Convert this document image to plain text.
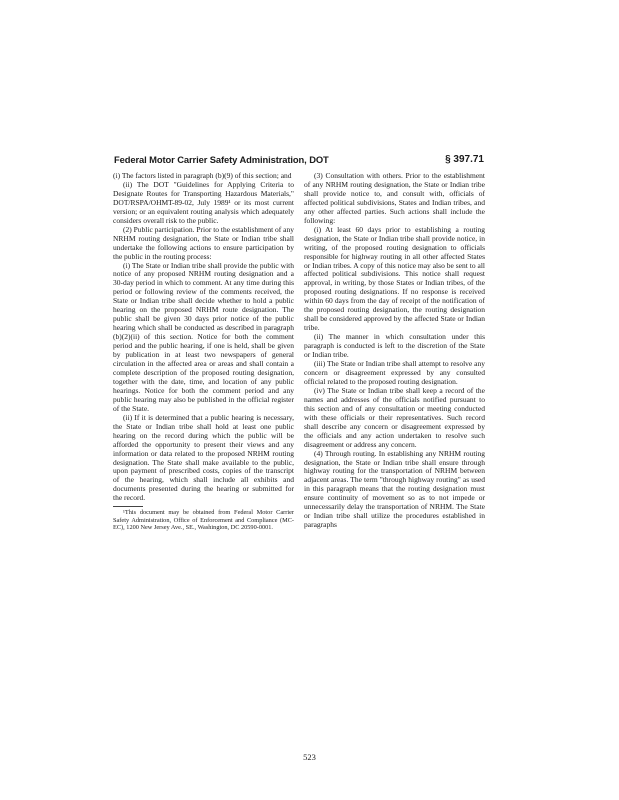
Federal Motor Carrier Safety Administration, DOT	§ 397.71

(i) The factors listed in paragraph (b)(9) of this section; and

(ii) The DOT "Guidelines for Applying Criteria to Designate Routes for Transporting Hazardous Materials," DOT/RSPA/OHMT-89-02, July 1989¹ or its most current version; or an equivalent routing analysis which adequately considers overall risk to the public.

(2) Public participation. Prior to the establishment of any NRHM routing designation, the State or Indian tribe shall undertake the following actions to ensure participation by the public in the routing process:

(i) The State or Indian tribe shall provide the public with notice of any proposed NRHM routing designation and a 30-day period in which to comment. At any time during this period or following review of the comments received, the State or Indian tribe shall decide whether to hold a public hearing on the proposed NRHM route designation. The public shall be given 30 days prior notice of the public hearing which shall be conducted as described in paragraph (b)(2)(ii) of this section. Notice for both the comment period and the public hearing, if one is held, shall be given by publication in at least two newspapers of general circulation in the affected area or areas and shall contain a complete description of the proposed routing designation, together with the date, time, and location of any public hearings. Notice for both the comment period and any public hearing may also be published in the official register of the State.

(ii) If it is determined that a public hearing is necessary, the State or Indian tribe shall hold at least one public hearing on the record during which the public will be afforded the opportunity to present their views and any information or data related to the proposed NRHM routing designation. The State shall make available to the public, upon payment of prescribed costs, copies of the transcript of the hearing, which shall include all exhibits and documents presented during the hearing or submitted for the record.

¹This document may be obtained from Federal Motor Carrier Safety Administration, Office of Enforcement and Compliance (MC-EC), 1200 New Jersey Ave., SE., Washington, DC 20590-0001.

(3) Consultation with others. Prior to the establishment of any NRHM routing designation, the State or Indian tribe shall provide notice to, and consult with, officials of affected political subdivisions, States and Indian tribes, and any other affected parties. Such actions shall include the following:

(i) At least 60 days prior to establishing a routing designation, the State or Indian tribe shall provide notice, in writing, of the proposed routing designation to officials responsible for highway routing in all other affected States or Indian tribes. A copy of this notice may also be sent to all affected political subdivisions. This notice shall request approval, in writing, by those States or Indian tribes, of the proposed routing designations. If no response is received within 60 days from the day of receipt of the notification of the proposed routing designation, the routing designation shall be considered approved by the affected State or Indian tribe.

(ii) The manner in which consultation under this paragraph is conducted is left to the discretion of the State or Indian tribe.

(iii) The State or Indian tribe shall attempt to resolve any concern or disagreement expressed by any consulted official related to the proposed routing designation.

(iv) The State or Indian tribe shall keep a record of the names and addresses of the officials notified pursuant to this section and of any consultation or meeting conducted with these officials or their representatives. Such record shall describe any concern or disagreement expressed by the officials and any action undertaken to resolve such disagreement or address any concern.

(4) Through routing. In establishing any NRHM routing designation, the State or Indian tribe shall ensure through highway routing for the transportation of NRHM between adjacent areas. The term "through highway routing" as used in this paragraph means that the routing designation must ensure continuity of movement so as to not impede or unnecessarily delay the transportation of NRHM. The State or Indian tribe shall utilize the procedures established in paragraphs

523
